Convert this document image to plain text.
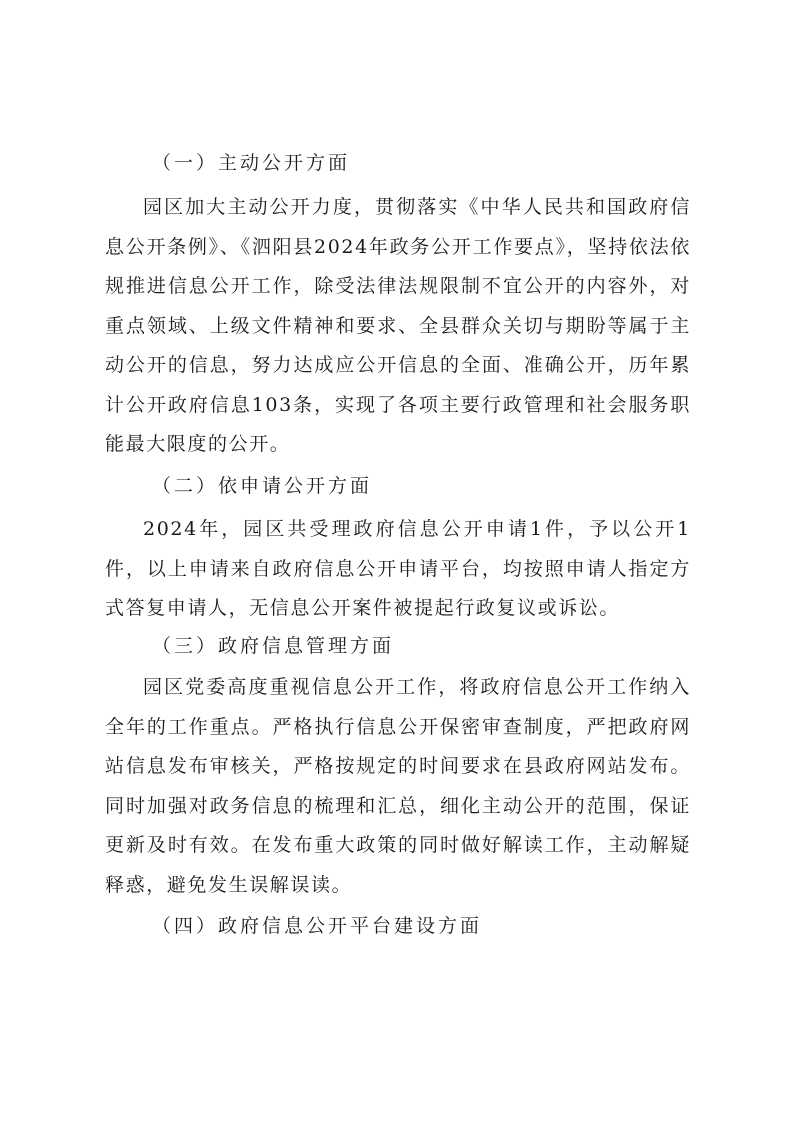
（一）主动公开方面
园区加大主动公开力度，贯彻落实《中华人民共和国政府信息公开条例》、《泗阳县2024年政务公开工作要点》，坚持依法依规推进信息公开工作，除受法律法规限制不宜公开的内容外，对重点领域、上级文件精神和要求、全县群众关切与期盼等属于主动公开的信息，努力达成应公开信息的全面、准确公开，历年累计公开政府信息103条，实现了各项主要行政管理和社会服务职能最大限度的公开。
（二）依申请公开方面
2024年，园区共受理政府信息公开申请1件，予以公开1件，以上申请来自政府信息公开申请平台，均按照申请人指定方式答复申请人，无信息公开案件被提起行政复议或诉讼。
（三）政府信息管理方面
园区党委高度重视信息公开工作，将政府信息公开工作纳入全年的工作重点。严格执行信息公开保密审查制度，严把政府网站信息发布审核关，严格按规定的时间要求在县政府网站发布。同时加强对政务信息的梳理和汇总，细化主动公开的范围，保证更新及时有效。在发布重大政策的同时做好解读工作，主动解疑释惑，避免发生误解误读。
（四）政府信息公开平台建设方面
